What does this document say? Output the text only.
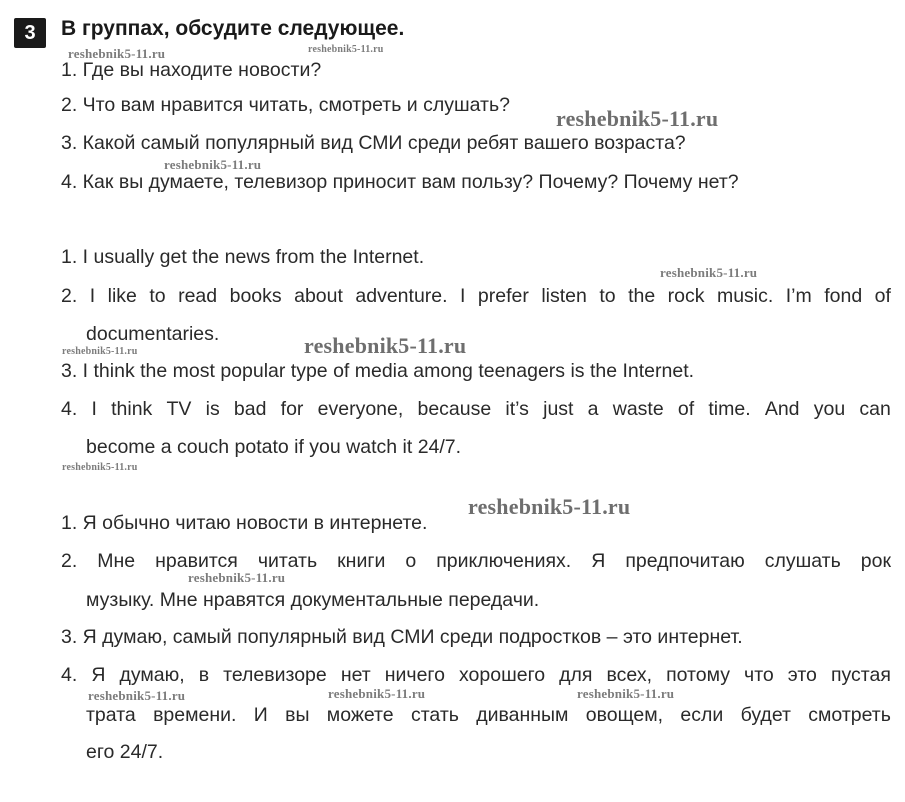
3	В группах, обсудите следующее.
1. Где вы находите новости?
2. Что вам нравится читать, смотреть и слушать?
3. Какой самый популярный вид СМИ среди ребят вашего возраста?
4. Как вы думаете, телевизор приносит вам пользу? Почему? Почему нет?
1. I usually get the news from the Internet.
2. I like to read books about adventure. I prefer listen to the rock music. I’m fond of
documentaries.
3. I think the most popular type of media among teenagers is the Internet.
4. I think TV is bad for everyone, because it’s just a waste of time. And you can
become a couch potato if you watch it 24/7.
1. Я обычно читаю новости в интернете.
2. Мне нравится читать книги о приключениях. Я предпочитаю слушать рок
музыку. Мне нравятся документальные передачи.
3. Я думаю, самый популярный вид СМИ среди подростков – это интернет.
4. Я думаю, в телевизоре нет ничего хорошего для всех, потому что это пустая
трата времени. И вы можете стать диванным овощем, если будет смотреть
его 24/7.
reshebnik5-11.ru	reshebnik5-11.ru
reshebnik5-11.ru
reshebnik5-11.ru
reshebnik5-11.ru
reshebnik5-11.ru
reshebnik5-11.ru
reshebnik5-11.ru
reshebnik5-11.ru
reshebnik5-11.ru
reshebnik5-11.ru	reshebnik5-11.ru	reshebnik5-11.ru
